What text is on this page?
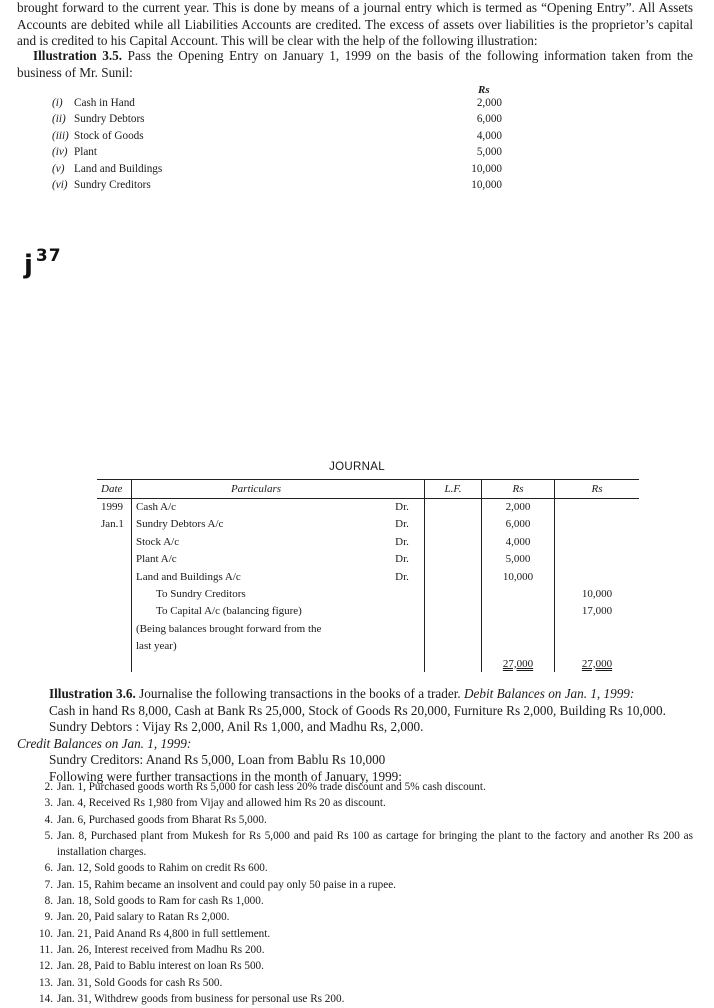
brought forward to the current year. This is done by means of a journal entry which is termed as “Opening Entry”. All Assets Accounts are debited while all Liabilities Accounts are credited. The excess of assets over liabilities is the proprietor’s capital and is credited to his Capital Account. This will be clear with the help of the following illustration:

Illustration 3.5. Pass the Opening Entry on January 1, 1999 on the basis of the following information taken from the business of Mr. Sunil:
Rs
(i) Cash in Hand	2,000
(ii) Sundry Debtors	6,000
(iii) Stock of Goods	4,000
(iv) Plant	5,000
(v) Land and Buildings	10,000
(vi) Sundry Creditors	10,000
j $^{37}$
JOURNAL
Date	Particulars		L.F.	Rs	Rs
1999	Cash A/c	Dr.		2,000	
Jan.1	Sundry Debtors A/c	Dr.		6,000	
	Stock A/c	Dr.		4,000	
	Plant A/c	Dr.		5,000	
	Land and Buildings A/c	Dr.		10,000	
	To Sundry Creditors				10,000
	To Capital A/c (balancing figure)				17,000
	(Being balances brought forward from the				
	last year)				
				27,000	27,000

Illustration 3.6. Journalise the following transactions in the books of a trader. Debit Balances on Jan. 1, 1999:

Cash in hand Rs 8,000, Cash at Bank Rs 25,000, Stock of Goods Rs 20,000, Furniture Rs 2,000, Building Rs 10,000. Sundry Debtors : Vijay Rs 2,000, Anil Rs 1,000, and Madhu Rs, 2,000.

Credit Balances on Jan. 1, 1999:

Sundry Creditors: Anand Rs 5,000, Loan from Bablu Rs 10,000

Following were further transactions in the month of January, 1999:

2. Jan. 1, Purchased goods worth Rs 5,000 for cash less 20% trade discount and 5% cash discount.
3. Jan. 4, Received Rs 1,980 from Vijay and allowed him Rs 20 as discount.
4. Jan. 6, Purchased goods from Bharat Rs 5,000.
5. Jan. 8, Purchased plant from Mukesh for Rs 5,000 and paid Rs 100 as cartage for bringing the plant to the factory and another Rs 200 as installation charges.
6. Jan. 12, Sold goods to Rahim on credit Rs 600.
7. Jan. 15, Rahim became an insolvent and could pay only 50 paise in a rupee.
8. Jan. 18, Sold goods to Ram for cash Rs 1,000.
9. Jan. 20, Paid salary to Ratan Rs 2,000.
10. Jan. 21, Paid Anand Rs 4,800 in full settlement.
11. Jan. 26, Interest received from Madhu Rs 200.
12. Jan. 28, Paid to Bablu interest on loan Rs 500.
13. Jan. 31, Sold Goods for cash Rs 500.
14. Jan. 31, Withdrew goods from business for personal use Rs 200.
